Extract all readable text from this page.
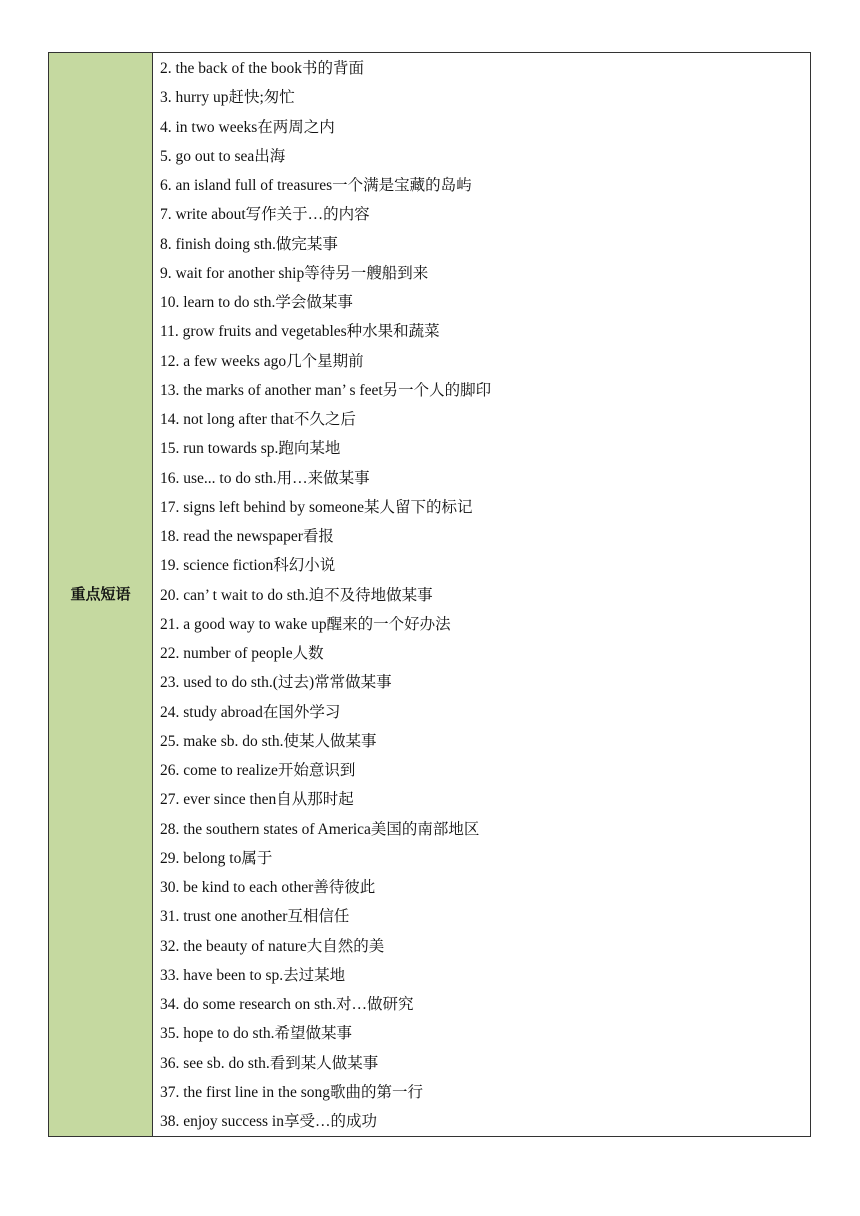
重点短语
2. the back of the book书的背面
3. hurry up赶快;匆忙
4. in two weeks在两周之内
5. go out to sea出海
6. an island full of treasures一个满是宝藏的岛屿
7. write about写作关于…的内容
8. finish doing sth.做完某事
9. wait for another ship等待另一艘船到来
10. learn to do sth.学会做某事
11. grow fruits and vegetables种水果和蔬菜
12. a few weeks ago几个星期前
13. the marks of another man’ s feet另一个人的脚印
14. not long after that不久之后
15. run towards sp.跑向某地
16. use... to do sth.用…来做某事
17. signs left behind by someone某人留下的标记
18. read the newspaper看报
19. science fiction科幻小说
20. can’ t wait to do sth.迫不及待地做某事
21. a good way to wake up醒来的一个好办法
22. number of people人数
23. used to do sth.(过去)常常做某事
24. study abroad在国外学习
25. make sb. do sth.使某人做某事
26. come to realize开始意识到
27. ever since then自从那时起
28. the southern states of America美国的南部地区
29. belong to属于
30. be kind to each other善待彼此
31. trust one another互相信任
32. the beauty of nature大自然的美
33. have been to sp.去过某地
34. do some research on sth.对…做研究
35. hope to do sth.希望做某事
36. see sb. do sth.看到某人做某事
37. the first line in the song歌曲的第一行
38. enjoy success in享受…的成功
